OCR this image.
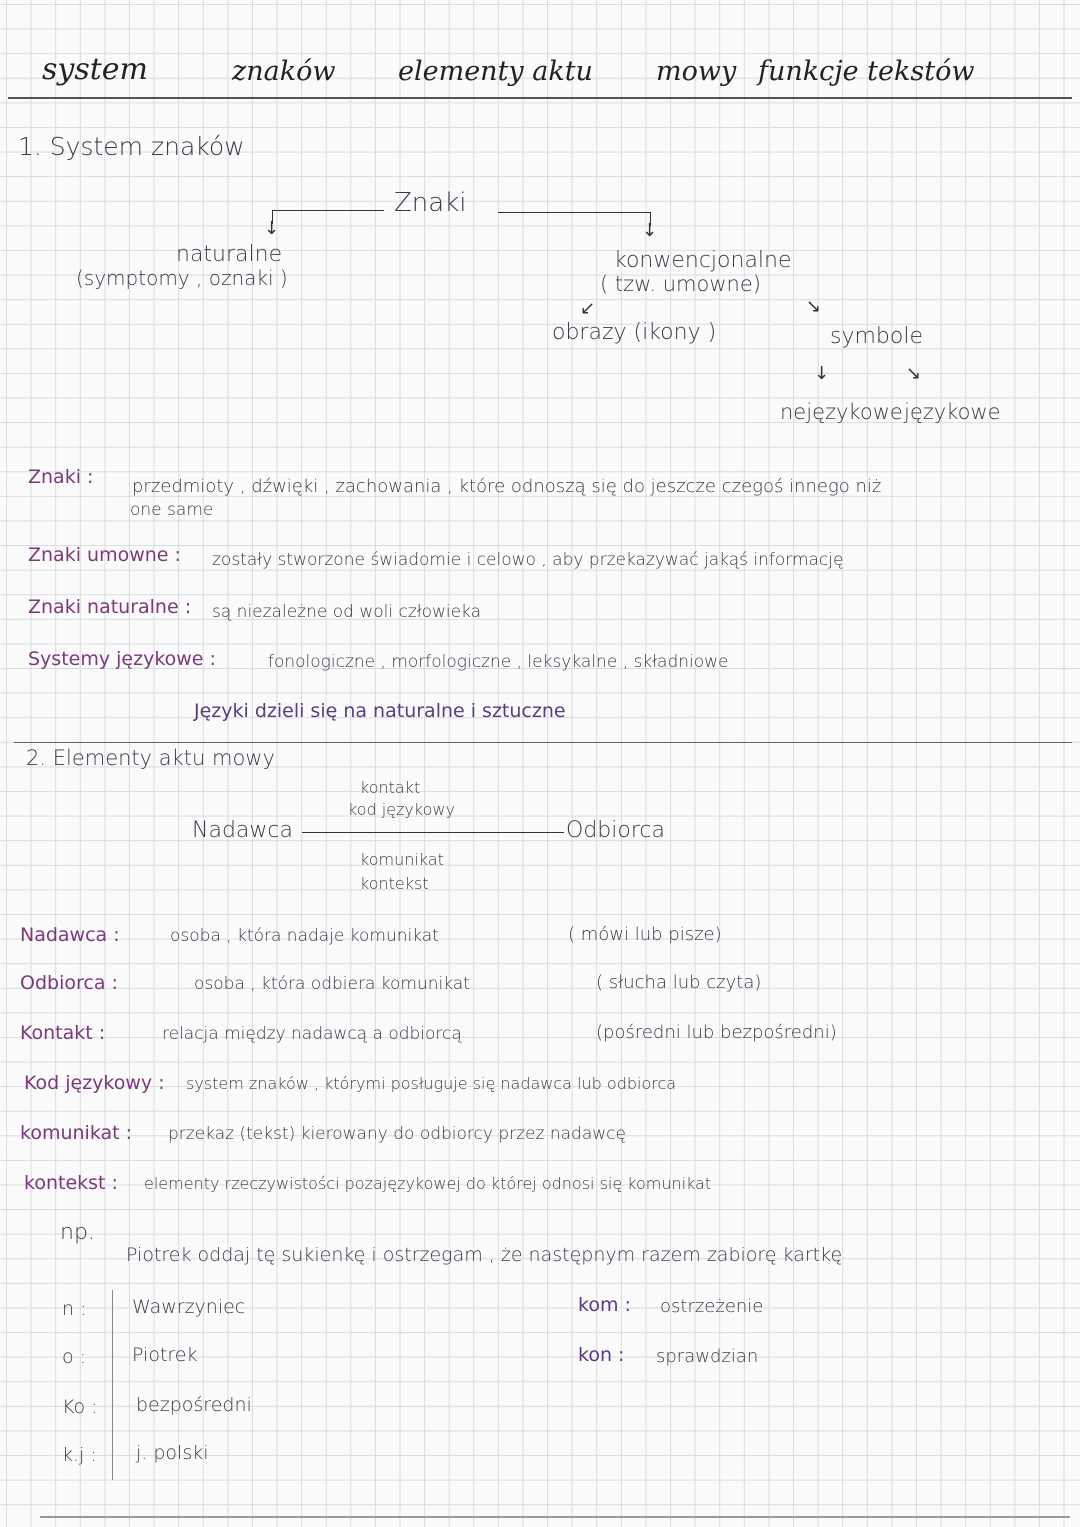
system	znaków elementy aktu mowy funkcje tekstów
1. System znaków
Znaki
↓	↓
naturalne
(symptomy , oznaki )
konwencjonalne
( tzw. umowne)
↙	↘
obrazy (ikony )	symbole
↓	↘
nejęzykowe językowe
Znaki : przedmioty , dźwięki , zachowania , które odnoszą się do jeszcze czegoś innego niż
one same
Znaki umowne : zostały stworzone świadomie i celowo , aby przekazywać jakąś informację
Znaki naturalne : są niezależne od woli człowieka
Systemy językowe :	fonologiczne , morfologiczne , leksykalne , składniowe
Języki dzieli się na naturalne i sztuczne
2. Elementy aktu mowy
kontakt
kod językowy
Nadawca	Odbiorca
komunikat
kontekst
Nadawca :	osoba , która nadaje komunikat	( mówi lub pisze)
Odbiorca :	osoba , która odbiera komunikat	( słucha lub czyta)
Kontakt :	relacja między nadawcą a odbiorcą	(pośredni lub bezpośredni)
Kod językowy : system znaków , którymi posługuje się nadawca lub odbiorca
komunikat : przekaz (tekst) kierowany do odbiorcy przez nadawcę
kontekst : elementy rzeczywistości pozajęzykowej do której odnosi się komunikat
np.
Piotrek oddaj tę sukienkę i ostrzegam , że następnym razem zabiorę kartkę
n : Wawrzyniec
o : Piotrek
Ko : bezpośredni
k.j : j. polski
kom : ostrzeżenie
kon : sprawdzian
